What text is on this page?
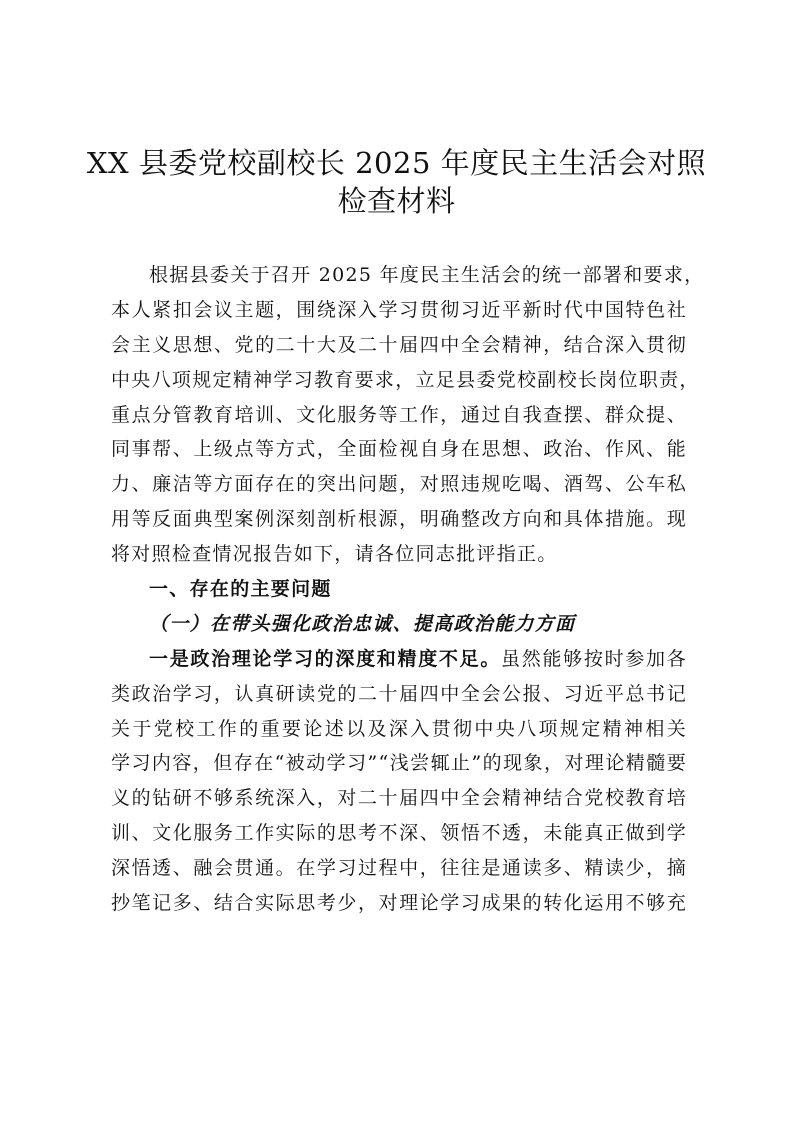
XX 县委党校副校长 2025 年度民主生活会对照
检查材料
根据县委关于召开 2025 年度民主生活会的统一部署和要求，
本人紧扣会议主题，围绕深入学习贯彻习近平新时代中国特色社
会主义思想、党的二十大及二十届四中全会精神，结合深入贯彻
中央八项规定精神学习教育要求，立足县委党校副校长岗位职责，
重点分管教育培训、文化服务等工作，通过自我查摆、群众提、
同事帮、上级点等方式，全面检视自身在思想、政治、作风、能
力、廉洁等方面存在的突出问题，对照违规吃喝、酒驾、公车私
用等反面典型案例深刻剖析根源，明确整改方向和具体措施。现
将对照检查情况报告如下，请各位同志批评指正。
一、存在的主要问题
（一）在带头强化政治忠诚、提高政治能力方面
一是政治理论学习的深度和精度不足。虽然能够按时参加各
类政治学习，认真研读党的二十届四中全会公报、习近平总书记
关于党校工作的重要论述以及深入贯彻中央八项规定精神相关
学习内容，但存在“被动学习”“浅尝辄止”的现象，对理论精髓要
义的钻研不够系统深入，对二十届四中全会精神结合党校教育培
训、文化服务工作实际的思考不深、领悟不透，未能真正做到学
深悟透、融会贯通。在学习过程中，往往是通读多、精读少，摘
抄笔记多、结合实际思考少，对理论学习成果的转化运用不够充
